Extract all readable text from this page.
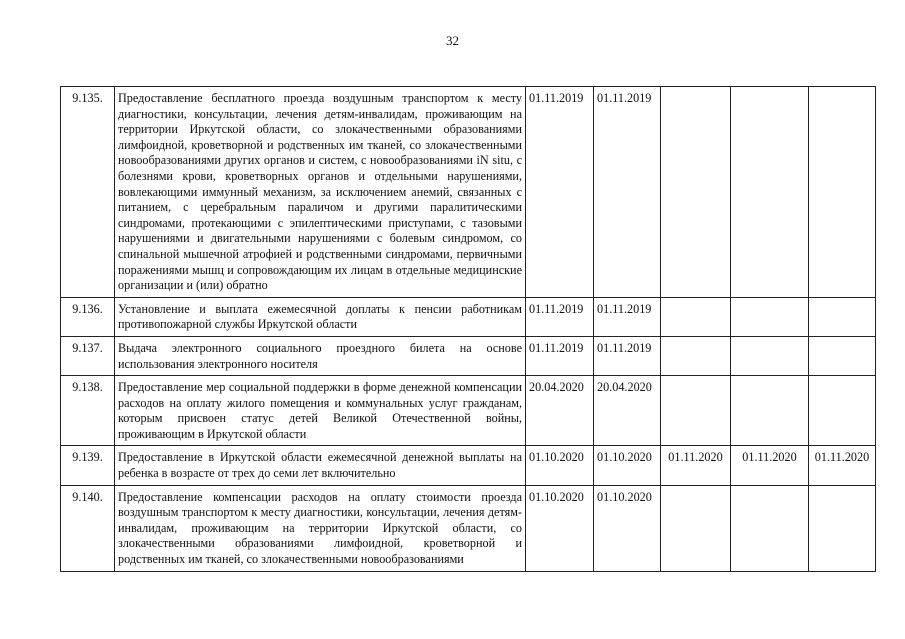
32
9.135.	Предоставление бесплатного проезда воздушным транспортом к месту диагностики, консультации, лечения детям-инвалидам, проживающим на территории Иркутской области, со злокачественными образованиями лимфоидной, кроветворной и родственных им тканей, со злокачественными новообразованиями других органов и систем, с новообразованиями iN situ, с болезнями крови, кроветворных органов и отдельными нарушениями, вовлекающими иммунный механизм, за исключением анемий, связанных с питанием, с церебральным параличом и другими паралитическими синдромами, протекающими с эпилептическими приступами, с тазовыми нарушениями и двигательными нарушениями с болевым синдромом, со спинальной мышечной атрофией и родственными синдромами, первичными поражениями мышц и сопровождающим их лицам в отдельные медицинские организации и (или) обратно	01.11.2019	01.11.2019			
9.136.	Установление и выплата ежемесячной доплаты к пенсии работникам противопожарной службы Иркутской области	01.11.2019	01.11.2019			
9.137.	Выдача электронного социального проездного билета на основе использования электронного носителя	01.11.2019	01.11.2019			
9.138.	Предоставление мер социальной поддержки в форме денежной компенсации расходов на оплату жилого помещения и коммунальных услуг гражданам, которым присвоен статус детей Великой Отечественной войны, проживающим в Иркутской области	20.04.2020	20.04.2020			
9.139.	Предоставление в Иркутской области ежемесячной денежной выплаты на ребенка в возрасте от трех до семи лет включительно	01.10.2020	01.10.2020	01.11.2020	01.11.2020	01.11.2020
9.140.	Предоставление компенсации расходов на оплату стоимости проезда воздушным транспортом к месту диагностики, консультации, лечения детям-инвалидам, проживающим на территории Иркутской области, со злокачественными образованиями лимфоидной, кроветворной и родственных им тканей, со злокачественными новообразованиями	01.10.2020	01.10.2020			
